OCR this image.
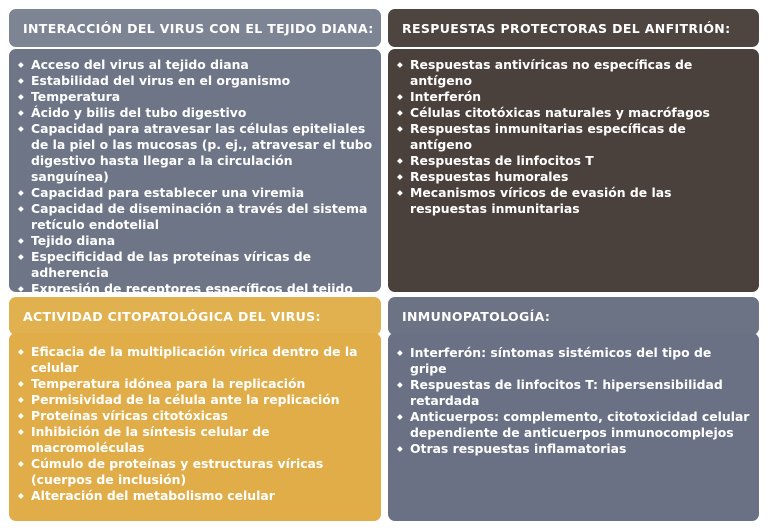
INTERACCIÓN DEL VIRUS CON EL TEJIDO DIANA:
◆ Acceso del virus al tejido diana
◆ Estabilidad del virus en el organismo
◆ Temperatura
◆ Ácido y bilis del tubo digestivo
◆ Capacidad para atravesar las células epiteliales de la piel o las mucosas (p. ej., atravesar el tubo digestivo hasta llegar a la circulación sanguínea)
◆ Capacidad para establecer una viremia
◆ Capacidad de diseminación a través del sistema retículo endotelial
◆ Tejido diana
◆ Especificidad de las proteínas víricas de adherencia
◆ Expresión de receptores específicos del tejido
RESPUESTAS PROTECTORAS DEL ANFITRIÓN:
◆ Respuestas antivíricas no específicas de antígeno
◆ Interferón
◆ Células citotóxicas naturales y macrófagos
◆ Respuestas inmunitarias específicas de antígeno
◆ Respuestas de linfocitos T
◆ Respuestas humorales
◆ Mecanismos víricos de evasión de las respuestas inmunitarias
ACTIVIDAD CITOPATOLÓGICA DEL VIRUS:
◆ Eficacia de la multiplicación vírica dentro de la celular
◆ Temperatura idónea para la replicación
◆ Permisividad de la célula ante la replicación
◆ Proteínas víricas citotóxicas
◆ Inhibición de la síntesis celular de macromoléculas
◆ Cúmulo de proteínas y estructuras víricas (cuerpos de inclusión)
◆ Alteración del metabolismo celular
INMUNOPATOLOGÍA:
◆ Interferón: síntomas sistémicos del tipo de gripe
◆ Respuestas de linfocitos T: hipersensibilidad retardada
◆ Anticuerpos: complemento, citotoxicidad celular dependiente de anticuerpos inmunocomplejos
◆ Otras respuestas inflamatorias
